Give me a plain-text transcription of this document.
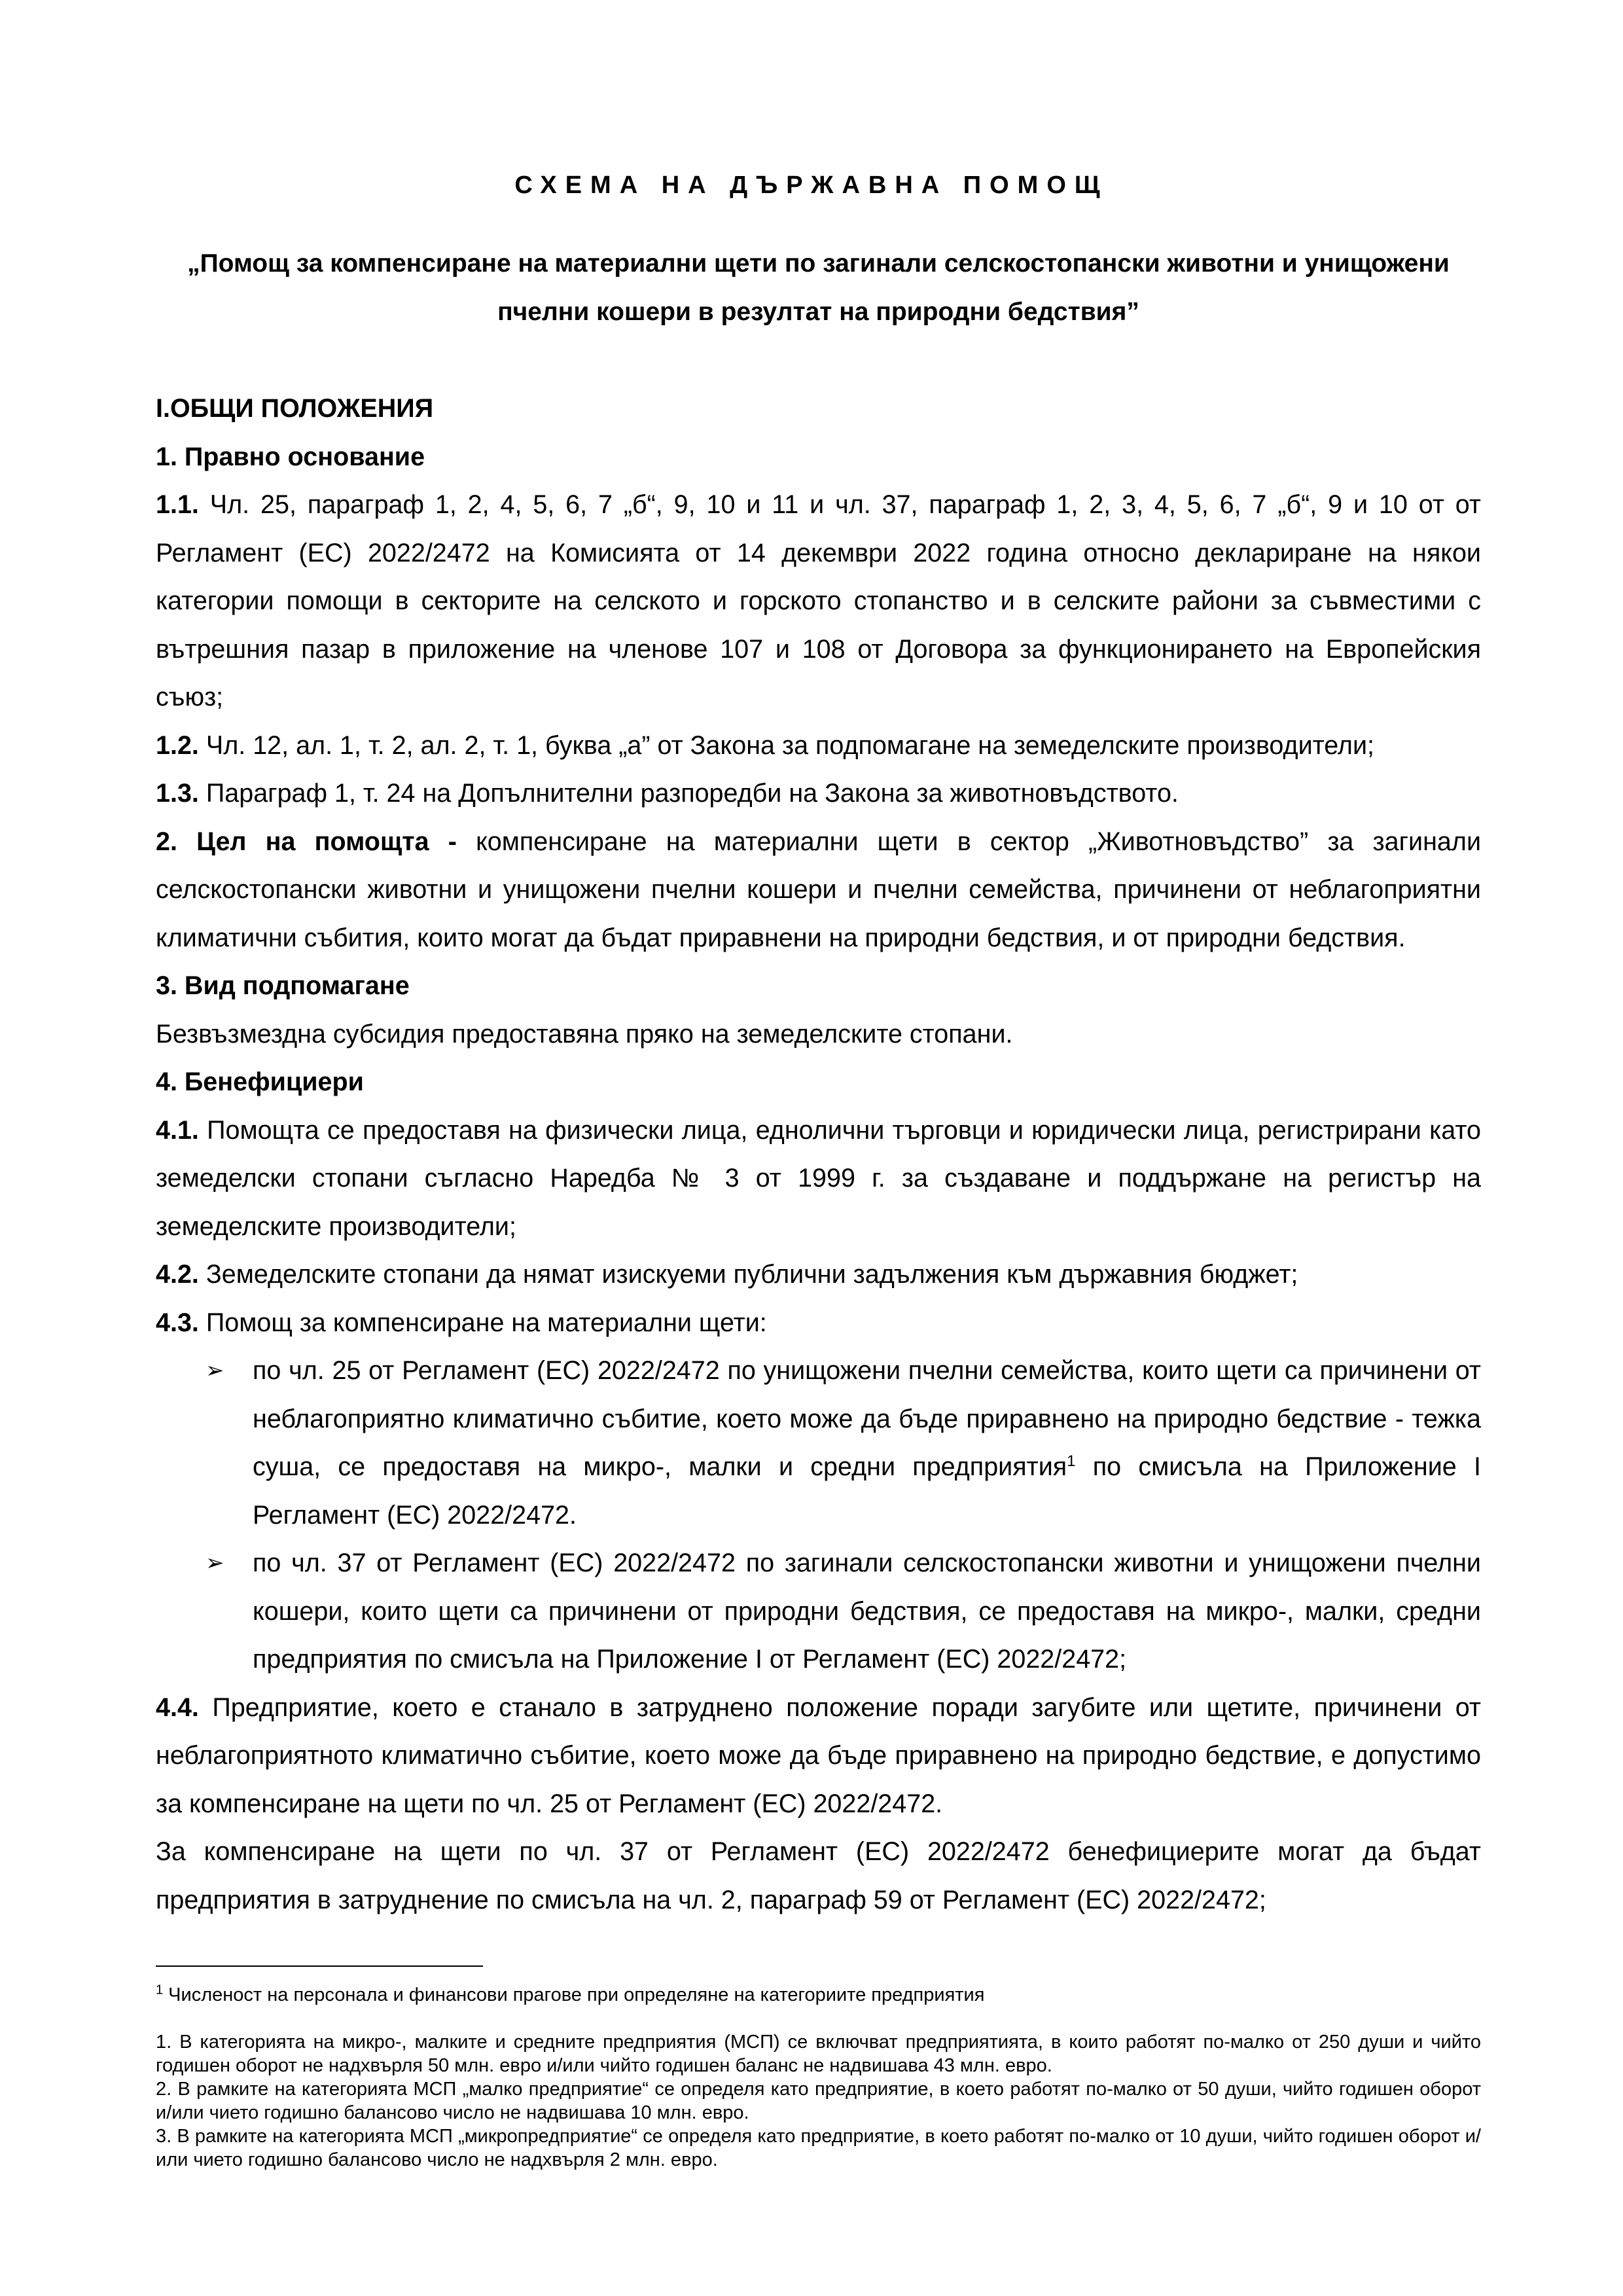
СХЕМА НА ДЪРЖАВНА ПОМОЩ
„Помощ за компенсиране на материални щети по загинали селскостопански животни и унищожени пчелни кошери в резултат на природни бедствия”

I.ОБЩИ ПОЛОЖЕНИЯ

1. Правно основание

1.1. Чл. 25, параграф 1, 2, 4, 5, 6, 7 „б“, 9, 10 и 11 и чл. 37, параграф 1, 2, 3, 4, 5, 6, 7 „б“, 9 и 10 от от Регламент (ЕС) 2022/2472 на Комисията от 14 декември 2022 година относно деклариране на някои категории помощи в секторите на селското и горското стопанство и в селските райони за съвместими с вътрешния пазар в приложение на членове 107 и 108 от Договора за функционирането на Европейския съюз;

1.2. Чл. 12, ал. 1, т. 2, ал. 2, т. 1, буква „а” от Закона за подпомагане на земеделските производители;

1.3. Параграф 1, т. 24 на Допълнителни разпоредби на Закона за животновъдството.

2. Цел на помощта - компенсиране на материални щети в сектор „Животновъдство” за загинали селскостопански животни и унищожени пчелни кошери и пчелни семейства, причинени от неблагоприятни климатични събития, които могат да бъдат приравнени на природни бедствия, и от природни бедствия.

3. Вид подпомагане

Безвъзмездна субсидия предоставяна пряко на земеделските стопани.

4. Бенефициери

4.1. Помощта се предоставя на физически лица, еднолични търговци и юридически лица, регистрирани като земеделски стопани съгласно Наредба № 3 от 1999 г. за създаване и поддържане на регистър на земеделските производители;

4.2. Земеделските стопани да нямат изискуеми публични задължения към държавния бюджет;

4.3. Помощ за компенсиране на материални щети:

➢ по чл. 25 от Регламент (ЕС) 2022/2472 по унищожени пчелни семейства, които щети са причинени от неблагоприятно климатично събитие, което може да бъде приравнено на природно бедствие - тежка суша, се предоставя на микро-, малки и средни предприятия$^1$ по смисъла на Приложение I Регламент (ЕС) 2022/2472.
➢ по чл. 37 от Регламент (ЕС) 2022/2472 по загинали селскостопански животни и унищожени пчелни кошери, които щети са причинени от природни бедствия, се предоставя на микро-, малки, средни предприятия по смисъла на Приложение I от Регламент (ЕС) 2022/2472;

4.4. Предприятие, което е станало в затруднено положение поради загубите или щетите, причинени от неблагоприятното климатично събитие, което може да бъде приравнено на природно бедствие, е допустимо за компенсиране на щети по чл. 25 от Регламент (ЕС) 2022/2472.

За компенсиране на щети по чл. 37 от Регламент (ЕС) 2022/2472 бенефициерите могат да бъдат предприятия в затруднение по смисъла на чл. 2, параграф 59 от Регламент (ЕС) 2022/2472;

$^1$ Численост на персонала и финансови прагове при определяне на категориите предприятия

1. В категорията на микро-, малките и средните предприятия (МСП) се включват предприятията, в които работят по-малко от 250 души и чийто годишен оборот не надхвърля 50 млн. евро и/или чийто годишен баланс не надвишава 43 млн. евро.

2. В рамките на категорията МСП „малко предприятие“ се определя като предприятие, в което работят по-малко от 50 души, чийто годишен оборот и/или чието годишно балансово число не надвишава 10 млн. евро.

3. В рамките на категорията МСП „микропредприятие“ се определя като предприятие, в което работят по-малко от 10 души, чийто годишен оборот и/или чието годишно балансово число не надхвърля 2 млн. евро.
